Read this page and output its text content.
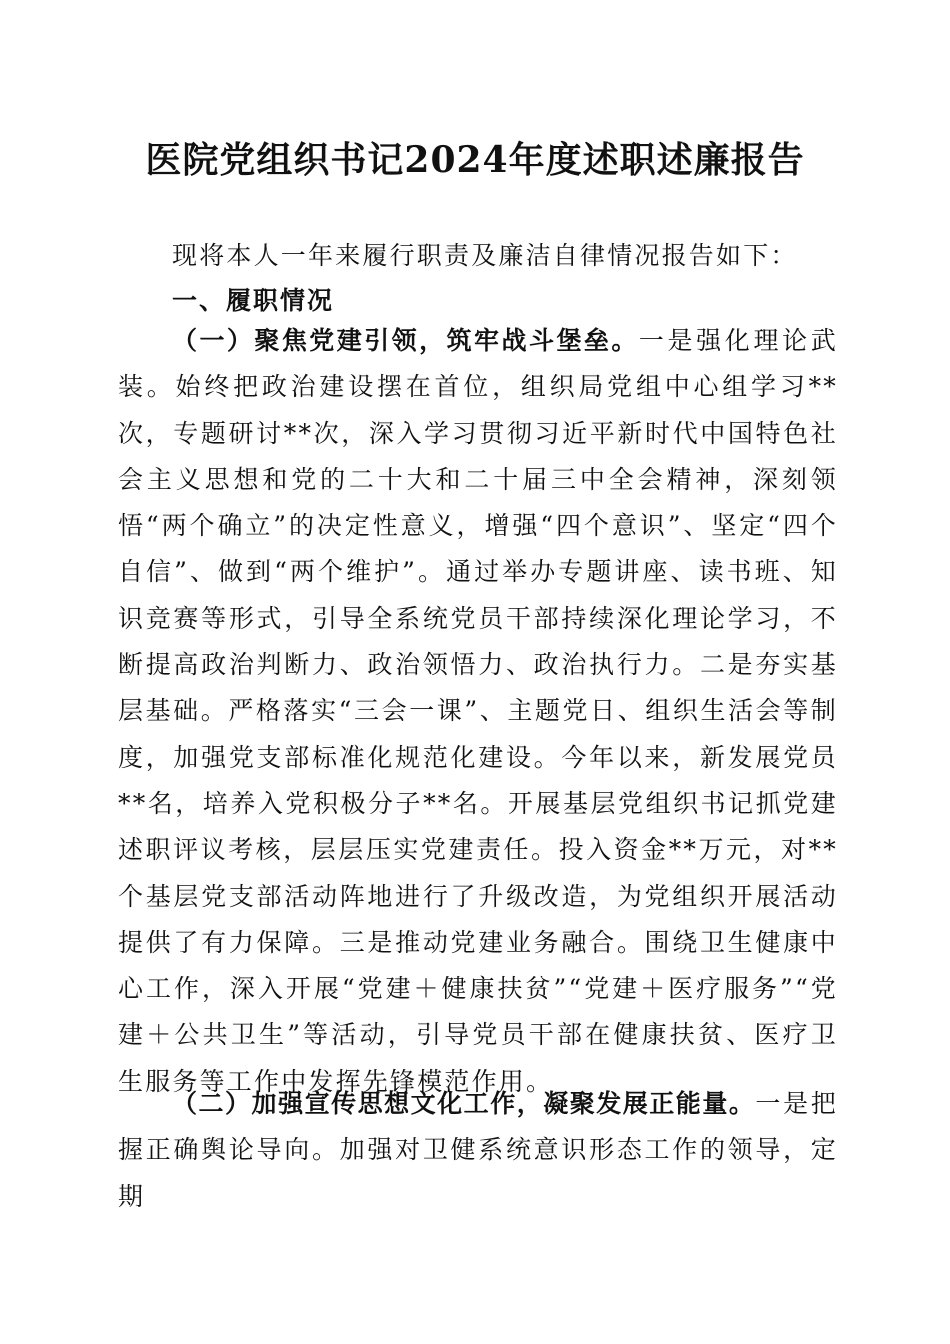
医院党组织书记2024年度述职述廉报告
现将本人一年来履行职责及廉洁自律情况报告如下：
一、履职情况
（一）聚焦党建引领，筑牢战斗堡垒。一是强化理论武装。始终把政治建设摆在首位，组织局党组中心组学习**次，专题研讨**次，深入学习贯彻习近平新时代中国特色社会主义思想和党的二十大和二十届三中全会精神，深刻领悟“两个确立”的决定性意义，增强“四个意识”、坚定“四个自信”、做到“两个维护”。通过举办专题讲座、读书班、知识竞赛等形式，引导全系统党员干部持续深化理论学习，不断提高政治判断力、政治领悟力、政治执行力。二是夯实基层基础。严格落实“三会一课”、主题党日、组织生活会等制度，加强党支部标准化规范化建设。今年以来，新发展党员**名，培养入党积极分子**名。开展基层党组织书记抓党建述职评议考核，层层压实党建责任。投入资金**万元，对**个基层党支部活动阵地进行了升级改造，为党组织开展活动提供了有力保障。三是推动党建业务融合。围绕卫生健康中心工作，深入开展“党建＋健康扶贫”“党建＋医疗服务”“党建＋公共卫生”等活动，引导党员干部在健康扶贫、医疗卫生服务等工作中发挥先锋模范作用。
（二）加强宣传思想文化工作，凝聚发展正能量。一是把握正确舆论导向。加强对卫健系统意识形态工作的领导，定期
